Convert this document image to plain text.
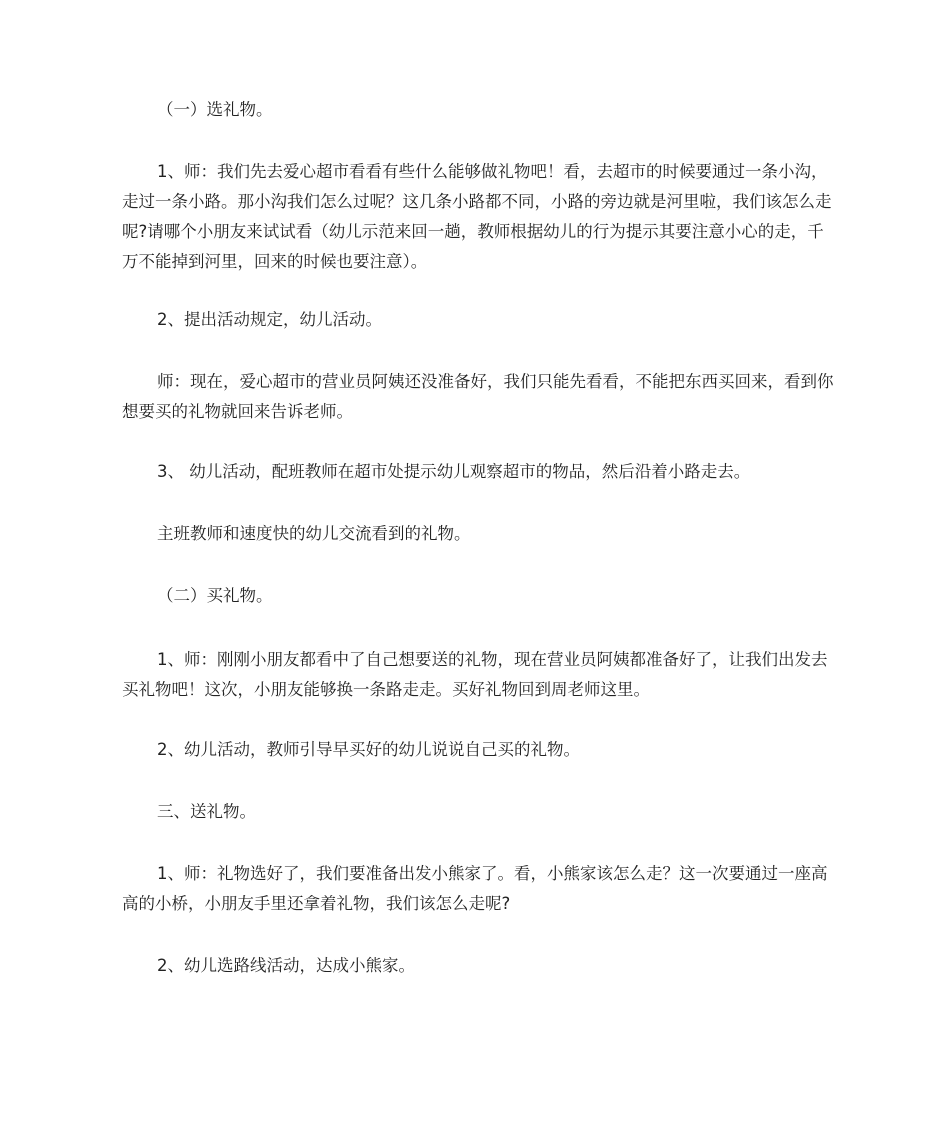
（一）选礼物。

1、师：我们先去爱心超市看看有些什么能够做礼物吧！看，去超市的时候要通过一条小沟，走过一条小路。那小沟我们怎么过呢？这几条小路都不同，小路的旁边就是河里啦，我们该怎么走呢?请哪个小朋友来试试看（幼儿示范来回一趟，教师根据幼儿的行为提示其要注意小心的走，千万不能掉到河里，回来的时候也要注意）。

2、提出活动规定，幼儿活动。

师：现在，爱心超市的营业员阿姨还没准备好，我们只能先看看，不能把东西买回来，看到你想要买的礼物就回来告诉老师。

3、 幼儿活动，配班教师在超市处提示幼儿观察超市的物品，然后沿着小路走去。

主班教师和速度快的幼儿交流看到的礼物。

（二）买礼物。

1、师：刚刚小朋友都看中了自己想要送的礼物，现在营业员阿姨都准备好了，让我们出发去买礼物吧！这次，小朋友能够换一条路走走。买好礼物回到周老师这里。

2、幼儿活动，教师引导早买好的幼儿说说自己买的礼物。

三、送礼物。

1、师：礼物选好了，我们要准备出发小熊家了。看，小熊家该怎么走？这一次要通过一座高高的小桥，小朋友手里还拿着礼物，我们该怎么走呢?

2、幼儿选路线活动，达成小熊家。
